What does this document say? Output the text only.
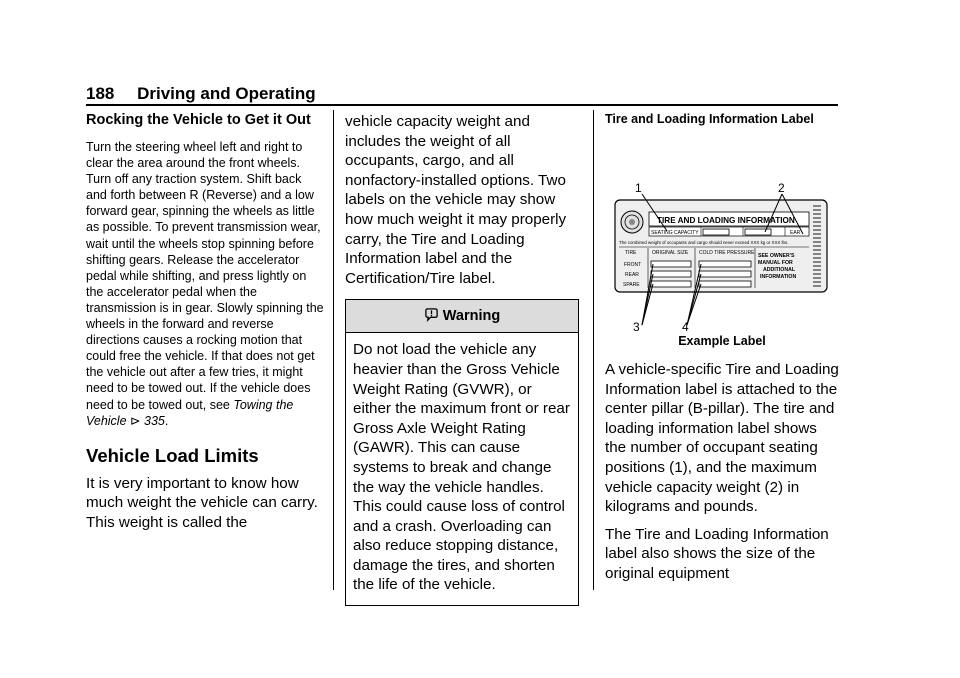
188 Driving and Operating
Rocking the Vehicle to Get it Out

Turn the steering wheel left and right to clear the area around the front wheels. Turn off any traction system. Shift back and forth between R (Reverse) and a low forward gear, spinning the wheels as little as possible. To prevent transmission wear, wait until the wheels stop spinning before shifting gears. Release the accelerator pedal while shifting, and press lightly on the accelerator pedal when the transmission is in gear. Slowly spinning the wheels in the forward and reverse directions causes a rocking motion that could free the vehicle. If that does not get the vehicle out after a few tries, it might need to be towed out. If the vehicle does need to be towed out, see Towing the Vehicle ⊳ 335.

Vehicle Load Limits

It is very important to know how much weight the vehicle can carry. This weight is called the

vehicle capacity weight and includes the weight of all occupants, cargo, and all nonfactory-installed options. Two labels on the vehicle may show how much weight it may properly carry, the Tire and Loading Information label and the Certification/Tire label.

Warning

Do not load the vehicle any heavier than the Gross Vehicle Weight Rating (GVWR), or either the maximum front or rear Gross Axle Weight Rating (GAWR). This can cause systems to break and change the way the vehicle handles. This could cause loss of control and a crash. Overloading can also reduce stopping distance, damage the tires, and shorten the life of the vehicle.

Tire and Loading Information Label
TIRE AND LOADING INFORMATION
SEATING CAPACITY	EAR
The combined weight of occupants and cargo should never exceed XXX kg or XXX lbs.
TIRE	ORIGINAL SIZE COLD TIRE PRESSURE SEE OWNER'S
MANUAL FOR
ADDITIONAL
INFORMATION
FRONT
REAR
SPARE
1	2
3	4
Example Label

A vehicle-specific Tire and Loading Information label is attached to the center pillar (B-pillar). The tire and loading information label shows the number of occupant seating positions (1), and the maximum vehicle capacity weight (2) in kilograms and pounds.

The Tire and Loading Information label also shows the size of the original equipment
